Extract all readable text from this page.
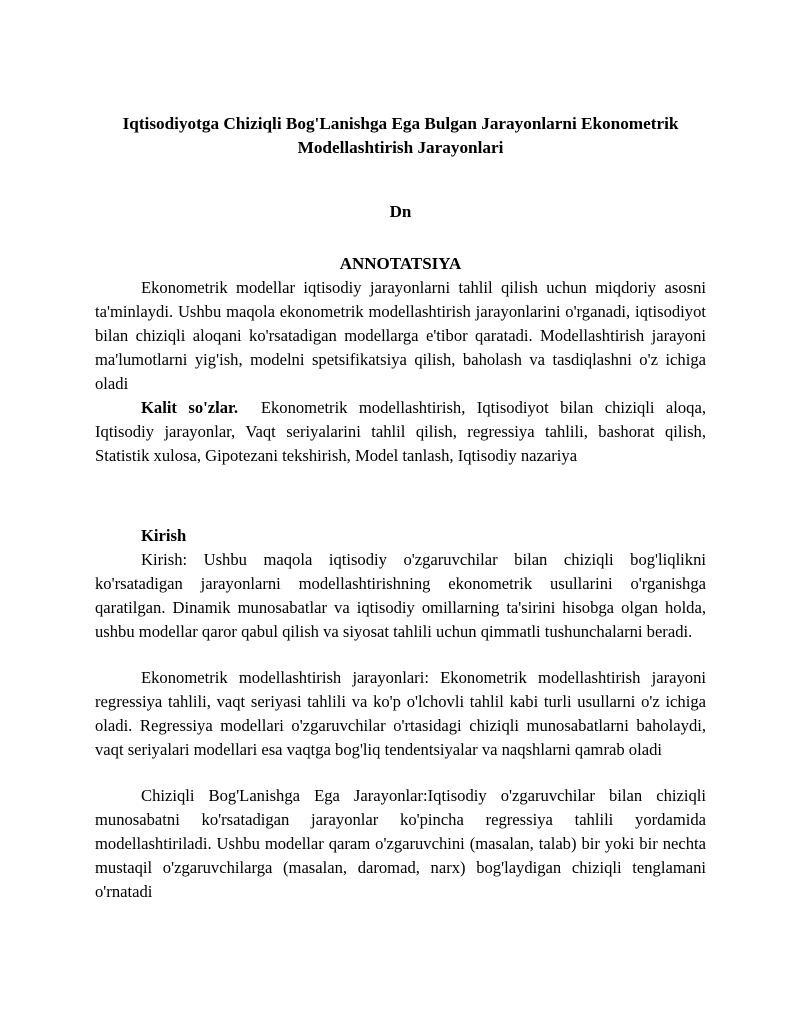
Iqtisodiyotga Chiziqli Bog'Lanishga Ega Bulgan Jarayonlarni Ekonometrik Modellashtirish Jarayonlari
Dn
ANNOTATSIYA

Ekonometrik modellar iqtisodiy jarayonlarni tahlil qilish uchun miqdoriy asosni ta'minlaydi. Ushbu maqola ekonometrik modellashtirish jarayonlarini o'rganadi, iqtisodiyot bilan chiziqli aloqani ko'rsatadigan modellarga e'tibor qaratadi. Modellashtirish jarayoni ma'lumotlarni yig'ish, modelni spetsifikatsiya qilish, baholash va tasdiqlashni o'z ichiga oladi

Kalit so'zlar. Ekonometrik modellashtirish, Iqtisodiyot bilan chiziqli aloqa, Iqtisodiy jarayonlar, Vaqt seriyalarini tahlil qilish, regressiya tahlili, bashorat qilish, Statistik xulosa, Gipotezani tekshirish, Model tanlash, Iqtisodiy nazariya

Kirish

Kirish: Ushbu maqola iqtisodiy o'zgaruvchilar bilan chiziqli bog'liqlikni ko'rsatadigan jarayonlarni modellashtirishning ekonometrik usullarini o'rganishga qaratilgan. Dinamik munosabatlar va iqtisodiy omillarning ta'sirini hisobga olgan holda, ushbu modellar qaror qabul qilish va siyosat tahlili uchun qimmatli tushunchalarni beradi.

Ekonometrik modellashtirish jarayonlari: Ekonometrik modellashtirish jarayoni regressiya tahlili, vaqt seriyasi tahlili va ko'p o'lchovli tahlil kabi turli usullarni o'z ichiga oladi. Regressiya modellari o'zgaruvchilar o'rtasidagi chiziqli munosabatlarni baholaydi, vaqt seriyalari modellari esa vaqtga bog'liq tendentsiyalar va naqshlarni qamrab oladi

Chiziqli Bog'Lanishga Ega Jarayonlar:Iqtisodiy o'zgaruvchilar bilan chiziqli munosabatni ko'rsatadigan jarayonlar ko'pincha regressiya tahlili yordamida modellashtiriladi. Ushbu modellar qaram o'zgaruvchini (masalan, talab) bir yoki bir nechta mustaqil o'zgaruvchilarga (masalan, daromad, narx) bog'laydigan chiziqli tenglamani o'rnatadi
